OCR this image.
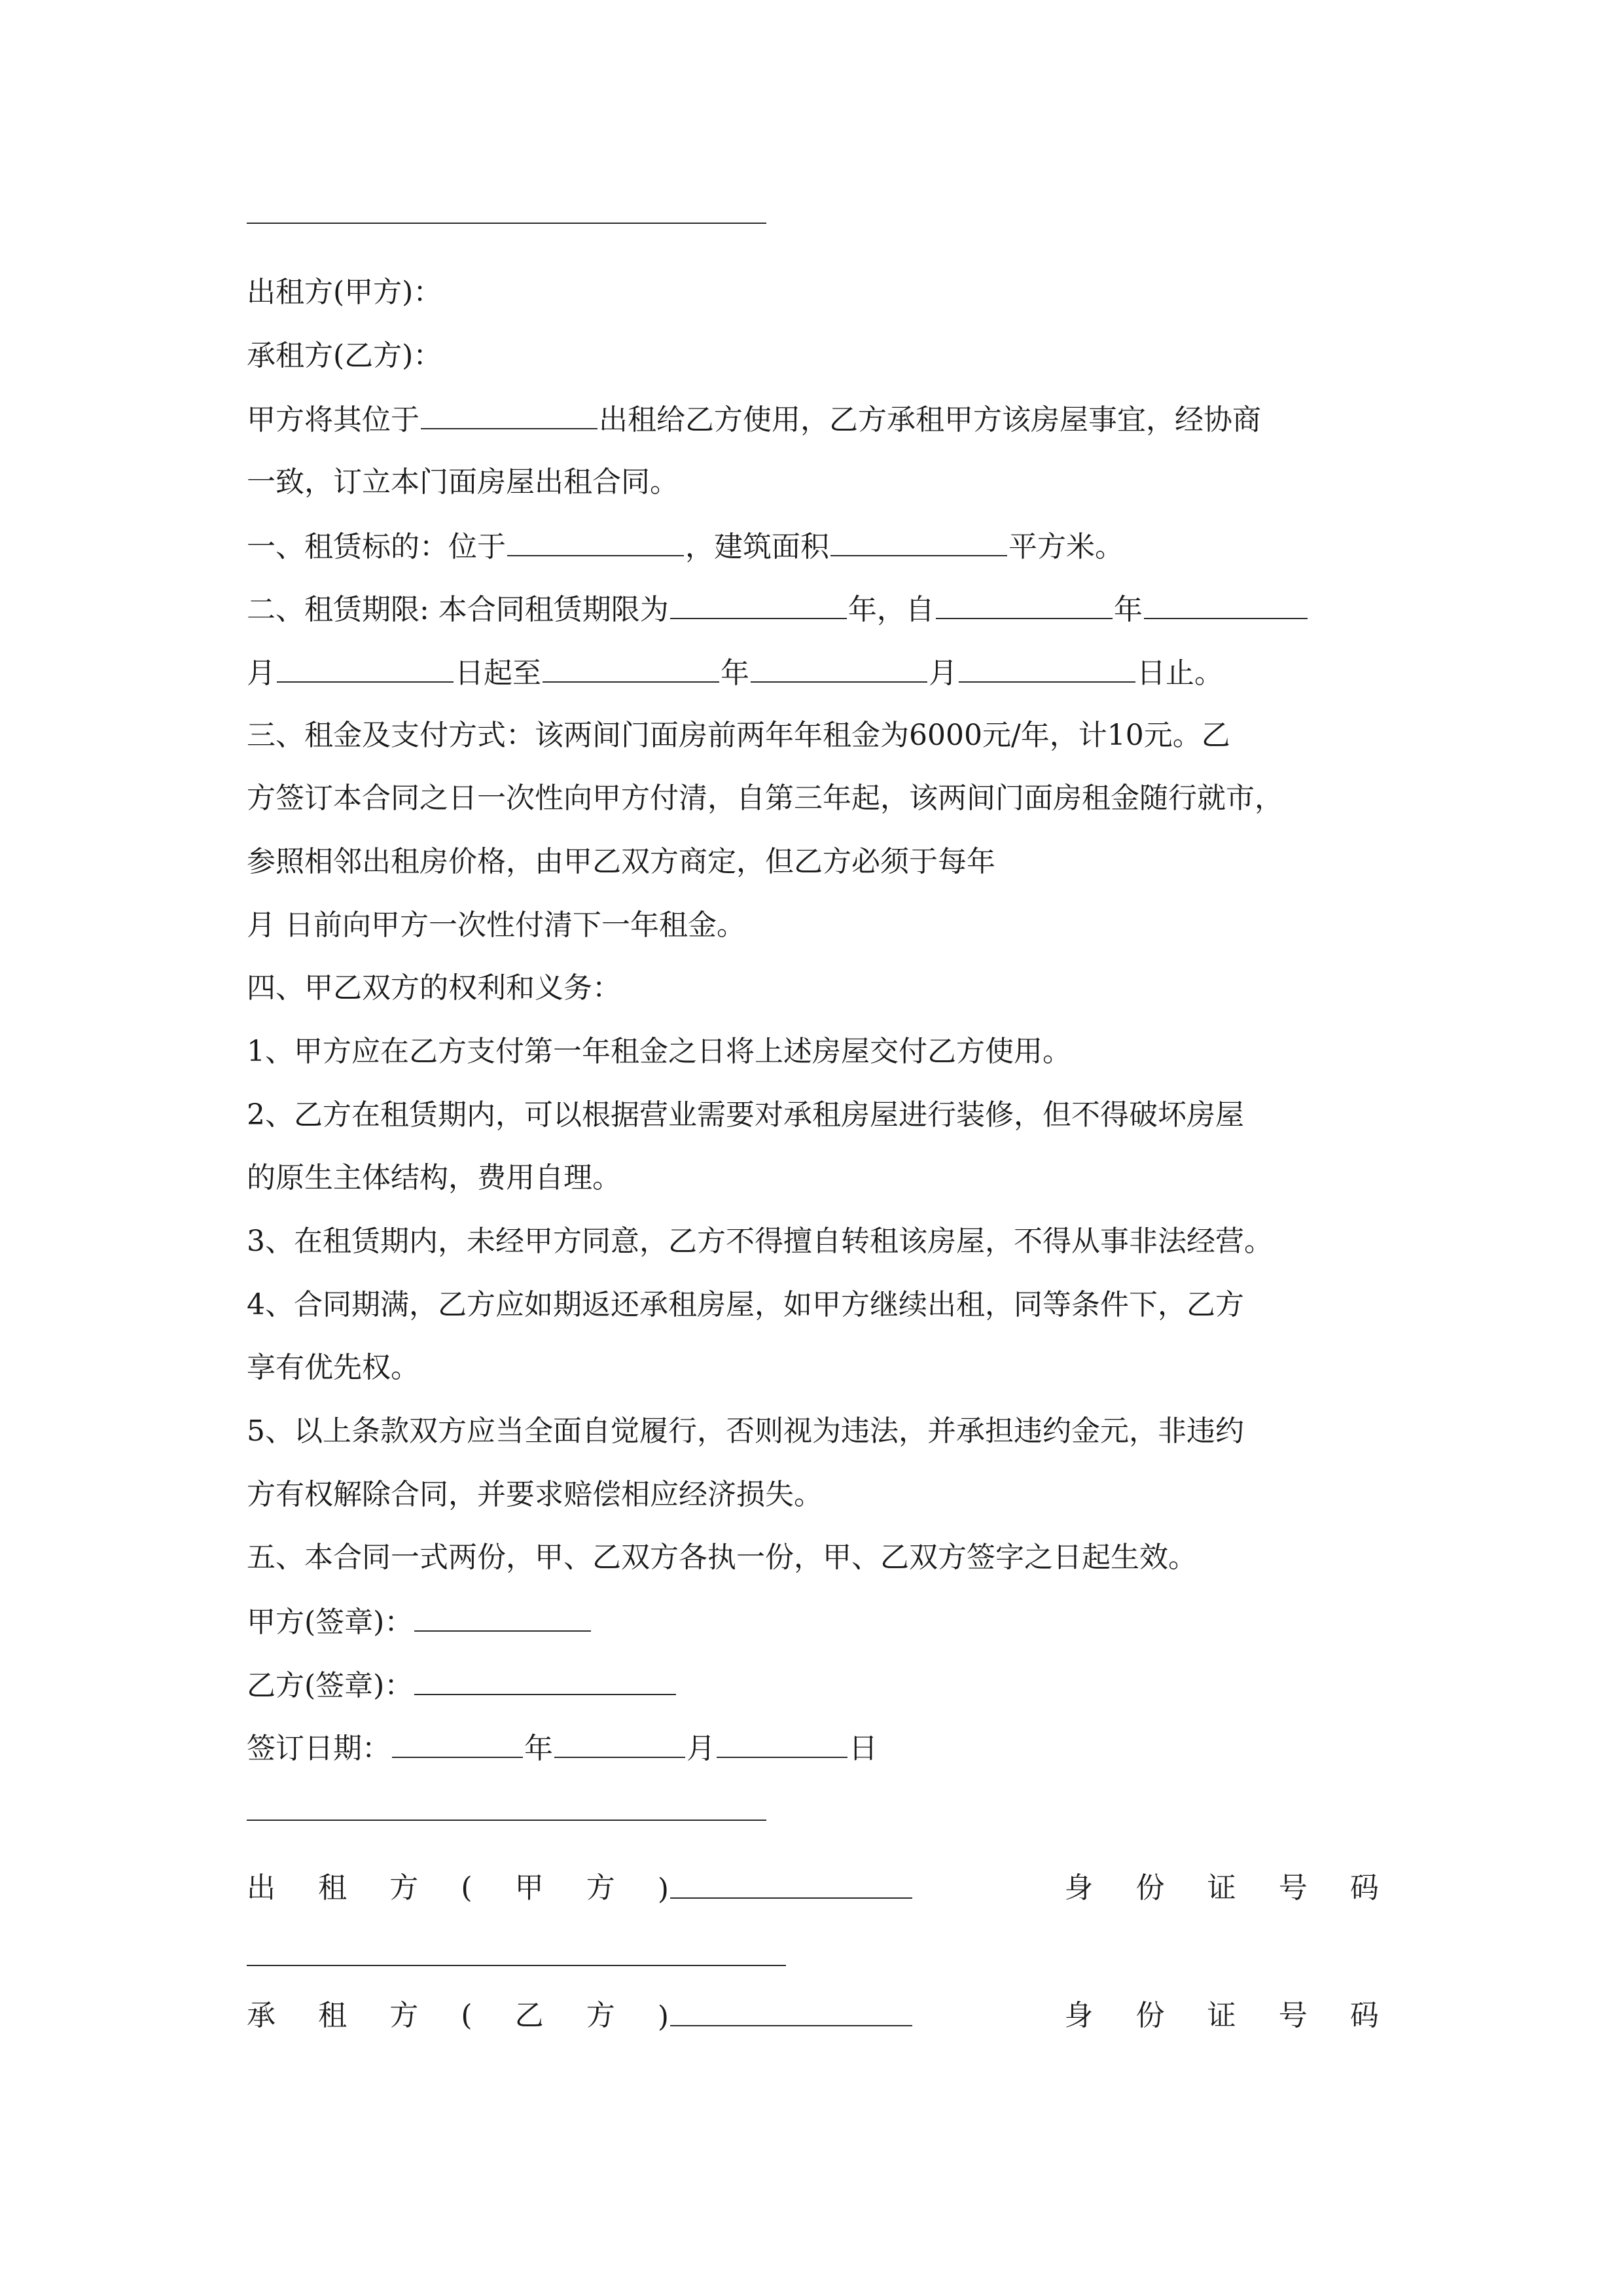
出租方(甲方)：
承租方(乙方)：
甲方将其位于	出租给乙方使用，乙方承租甲方该房屋事宜，经协商
一致，订立本门面房屋出租合同。
一、租赁标的：位于	，建筑面积	平方米。
二、租赁期限: 本合同租赁期限为	年，自	年
月	日起至	年	月	日止。
三、租金及支付方式：该两间门面房前两年年租金为6000元/年，计10元。乙
方签订本合同之日一次性向甲方付清，自第三年起，该两间门面房租金随行就市，
参照相邻出租房价格，由甲乙双方商定，但乙方必须于每年
月 日前向甲方一次性付清下一年租金。
四、甲乙双方的权利和义务：
1、甲方应在乙方支付第一年租金之日将上述房屋交付乙方使用。
2、乙方在租赁期内，可以根据营业需要对承租房屋进行装修，但不得破坏房屋
的原生主体结构，费用自理。
3、在租赁期内，未经甲方同意，乙方不得擅自转租该房屋，不得从事非法经营。
4、合同期满，乙方应如期返还承租房屋，如甲方继续出租，同等条件下，乙方
享有优先权。
5、以上条款双方应当全面自觉履行，否则视为违法，并承担违约金元，非违约
方有权解除合同，并要求赔偿相应经济损失。
五、本合同一式两份，甲、乙双方各执一份，甲、乙双方签字之日起生效。
甲方(签章)：
乙方(签章)：
签订日期：	年	月	日
出 租 方 ( 甲 方 )	身 份 证 号 码
承 租 方 ( 乙 方 )	身 份 证 号 码
